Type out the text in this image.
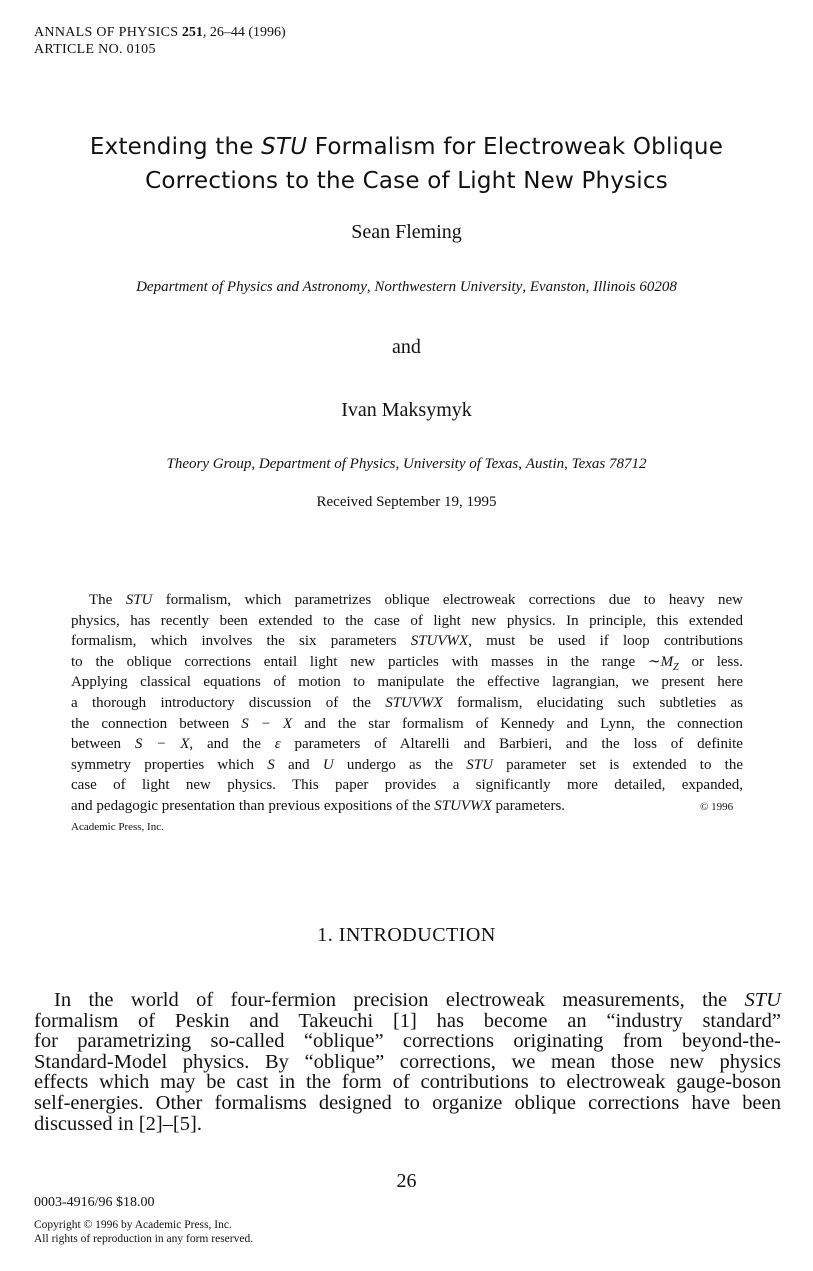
ANNALS OF PHYSICS 251, 26–44 (1996)
ARTICLE NO. 0105
Extending the STU Formalism for Electroweak Oblique
Corrections to the Case of Light New Physics
Sean Fleming
Department of Physics and Astronomy, Northwestern University, Evanston, Illinois 60208
and
Ivan Maksymyk
Theory Group, Department of Physics, University of Texas, Austin, Texas 78712
Received September 19, 1995
The STU formalism, which parametrizes oblique electroweak corrections due to heavy new
physics, has recently been extended to the case of light new physics. In principle, this extended
formalism, which involves the six parameters STUVWX, must be used if loop contributions
to the oblique corrections entail light new particles with masses in the range $\sim M_Z$ or less.
Applying classical equations of motion to manipulate the effective lagrangian, we present here
a thorough introductory discussion of the STUVWX formalism, elucidating such subtleties as
the connection between S − X and the star formalism of Kennedy and Lynn, the connection
between S − X, and the ε parameters of Altarelli and Barbieri, and the loss of definite
symmetry properties which S and U undergo as the STU parameter set is extended to the
case of light new physics. This paper provides a significantly more detailed, expanded,
and pedagogic presentation than previous expositions of the STUVWX parameters.	© 1996
Academic Press, Inc.
1. INTRODUCTION
In the world of four-fermion precision electroweak measurements, the STU
formalism of Peskin and Takeuchi [1] has become an “industry standard”
for parametrizing so-called “oblique” corrections originating from beyond-the-
Standard-Model physics. By “oblique” corrections, we mean those new physics
effects which may be cast in the form of contributions to electroweak gauge-boson
self-energies. Other formalisms designed to organize oblique corrections have been
discussed in [2]–[5].
26
0003-4916/96 $18.00
Copyright © 1996 by Academic Press, Inc.
All rights of reproduction in any form reserved.
